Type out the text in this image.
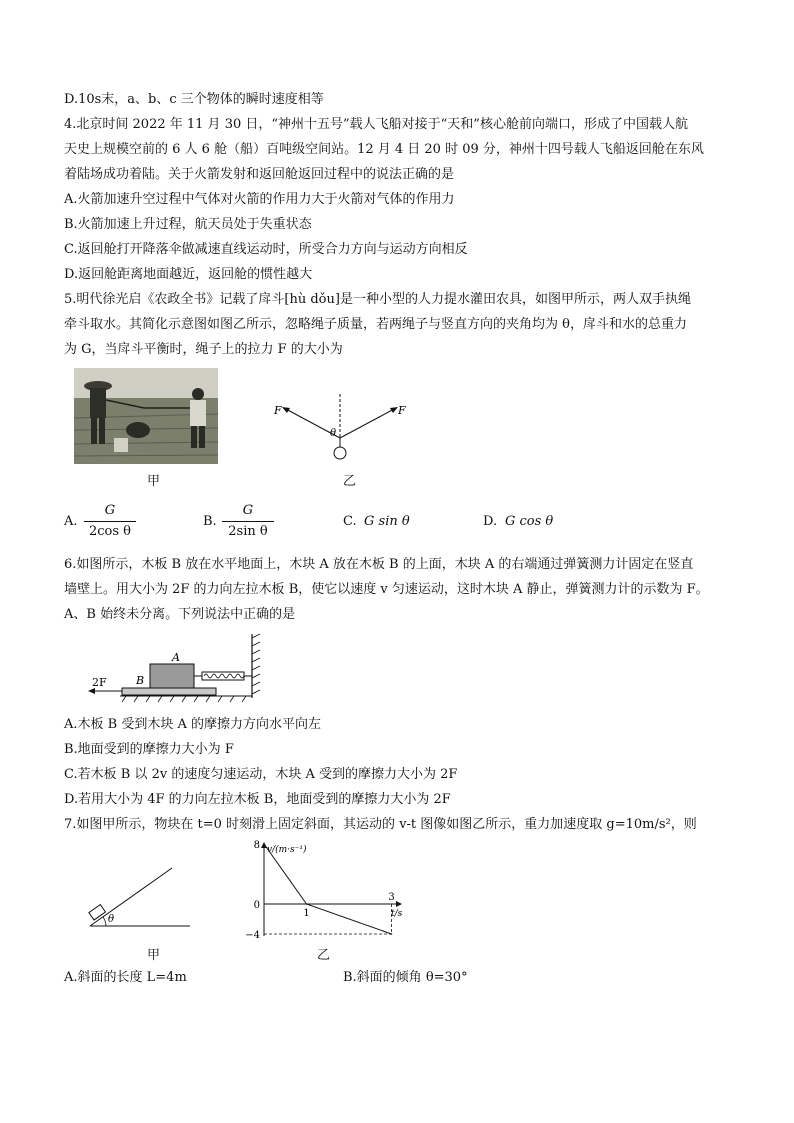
D.10s末，a、b、c 三个物体的瞬时速度相等
4.北京时间 2022 年 11 月 30 日，“神州十五号”载人飞船对接于“天和”核心舱前向端口，形成了中国载人航
天史上规模空前的 6 人 6 舱（船）百吨级空间站。12 月 4 日 20 时 09 分，神州十四号载人飞船返回舱在东风
着陆场成功着陆。关于火箭发射和返回舱返回过程中的说法正确的是
A.火箭加速升空过程中气体对火箭的作用力大于火箭对气体的作用力
B.火箭加速上升过程，航天员处于失重状态
C.返回舱打开降落伞做减速直线运动时，所受合力方向与运动方向相反
D.返回舱距离地面越近，返回舱的惯性越大
5.明代徐光启《农政全书》记载了戽斗[hù dǒu]是一种小型的人力提水灌田农具，如图甲所示，两人双手执绳
牵斗取水。其简化示意图如图乙所示，忽略绳子质量，若两绳子与竖直方向的夹角均为 θ，戽斗和水的总重力
为 G，当戽斗平衡时，绳子上的拉力 F 的大小为
甲
F	F
θ
乙
A.
G
2cos θ
B.
G
2sin θ
C. G sin θ	D. G cos θ
6.如图所示，木板 B 放在水平地面上，木块 A 放在木板 B 的上面，木块 A 的右端通过弹簧测力计固定在竖直
墙壁上。用大小为 2F 的力向左拉木板 B，使它以速度 v 匀速运动，这时木块 A 静止，弹簧测力计的示数为 F。
A、B 始终未分离。下列说法中正确的是
A
B
2F
A.木板 B 受到木块 A 的摩擦力方向水平向左
B.地面受到的摩擦力大小为 F
C.若木板 B 以 2v 的速度匀速运动，木块 A 受到的摩擦力大小为 2F
D.若用大小为 4F 的力向左拉木板 B，地面受到的摩擦力大小为 2F
7.如图甲所示，物块在 t=0 时刻滑上固定斜面，其运动的 v-t 图像如图乙所示，重力加速度取 g=10m/s²，则
θ
甲
v/(m·s⁻¹)
t/s
8
0
−4
1
3
乙
A.斜面的长度 L=4m	B.斜面的倾角 θ=30°
